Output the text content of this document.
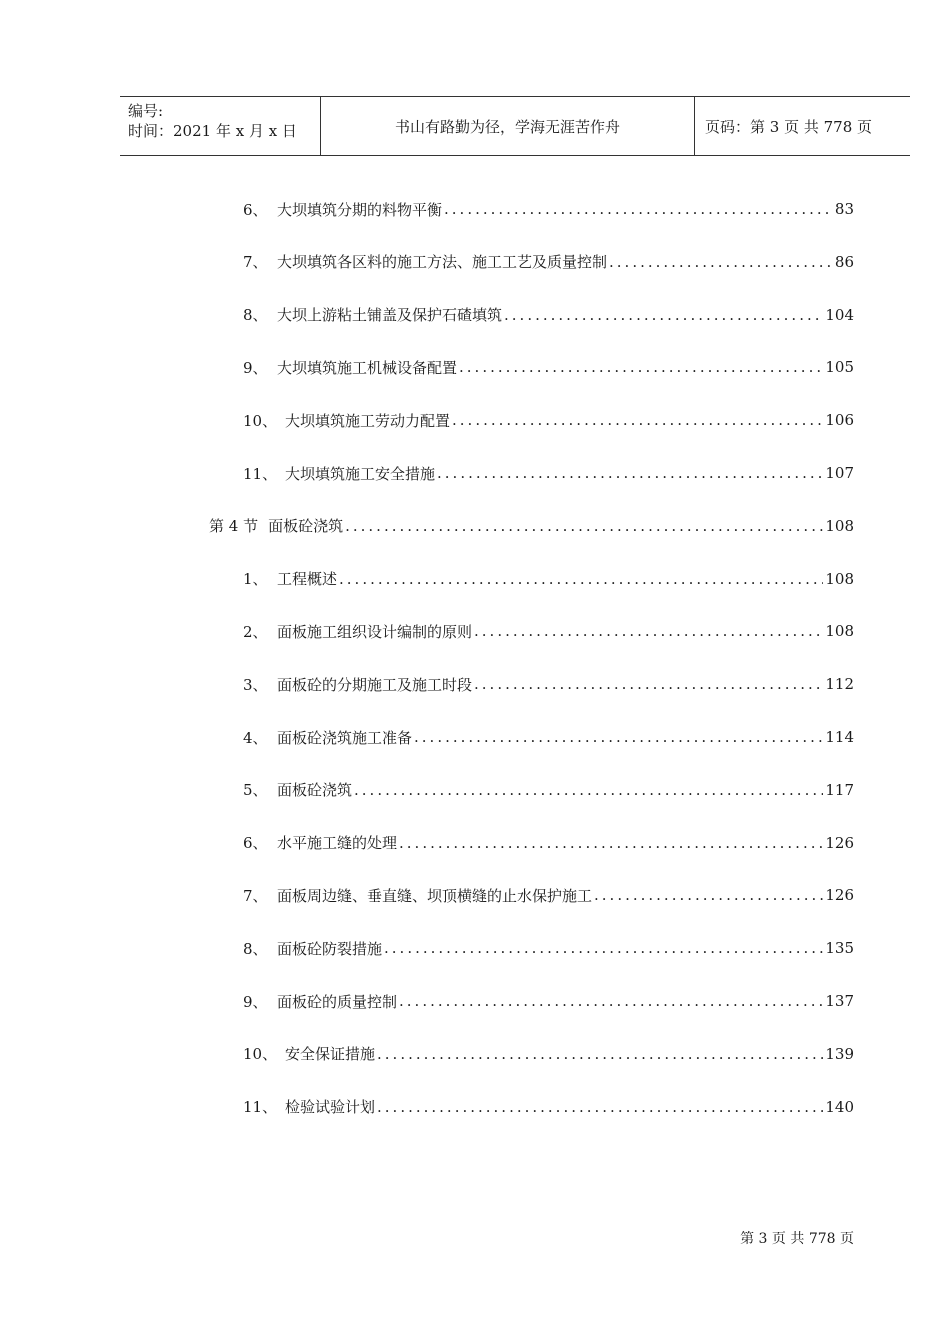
编号:
时间：2021 年 x 月 x 日	书山有路勤为径，学海无涯苦作舟	页码：第 3 页 共 778 页
6、 大坝填筑分期的料物平衡 .....	83
7、 大坝填筑各区料的施工方法、施工工艺及质量控制 .....	86
8、 大坝上游粘土铺盖及保护石碴填筑 .....	104
9、 大坝填筑施工机械设备配置 .....	105
10、 大坝填筑施工劳动力配置 .....	106
11、 大坝填筑施工安全措施 .....	107
第 4 节 面板砼浇筑 .....	108
1、 工程概述 .....	108
2、 面板施工组织设计编制的原则 .....	108
3、 面板砼的分期施工及施工时段 .....	112
4、 面板砼浇筑施工准备 .....	114
5、 面板砼浇筑 .....	117
6、 水平施工缝的处理 .....	126
7、 面板周边缝、垂直缝、坝顶横缝的止水保护施工 .....	126
8、 面板砼防裂措施 .....	135
9、 面板砼的质量控制 .....	137
10、 安全保证措施 .....	139
11、 检验试验计划 .....	140
第 3 页 共 778 页
